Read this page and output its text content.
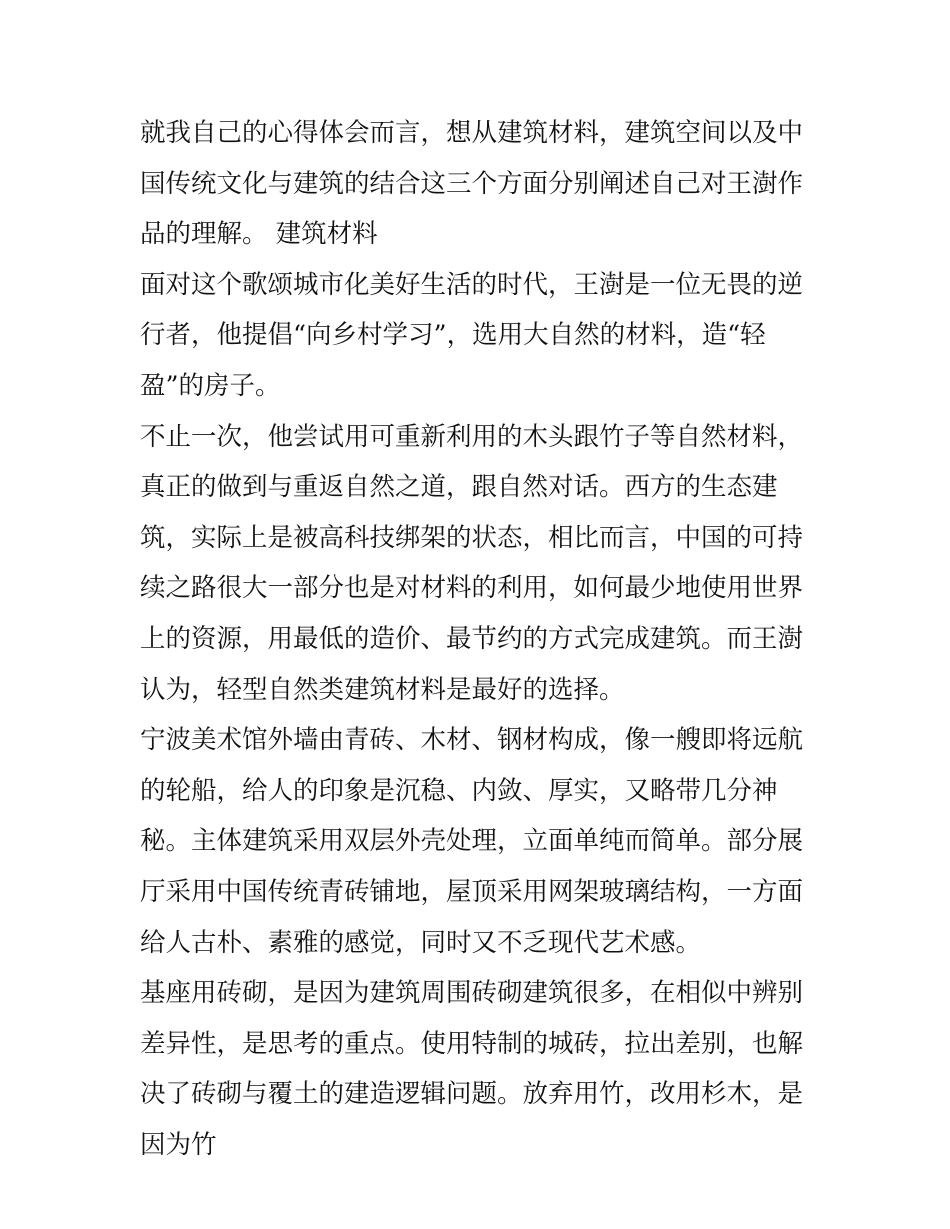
就我自己的心得体会而言，想从建筑材料，建筑空间以及中国传统文化与建筑的结合这三个方面分别阐述自己对王澍作品的理解。 建筑材料

面对这个歌颂城市化美好生活的时代，王澍是一位无畏的逆行者，他提倡“向乡村学习”，选用大自然的材料，造“轻盈”的房子。

不止一次，他尝试用可重新利用的木头跟竹子等自然材料，真正的做到与重返自然之道，跟自然对话。西方的生态建筑，实际上是被高科技绑架的状态，相比而言，中国的可持续之路很大一部分也是对材料的利用，如何最少地使用世界上的资源，用最低的造价、最节约的方式完成建筑。而王澍认为，轻型自然类建筑材料是最好的选择。

宁波美术馆外墙由青砖、木材、钢材构成，像一艘即将远航的轮船，给人的印象是沉稳、内敛、厚实，又略带几分神秘。主体建筑采用双层外壳处理，立面单纯而简单。部分展厅采用中国传统青砖铺地，屋顶采用网架玻璃结构，一方面给人古朴、素雅的感觉，同时又不乏现代艺术感。

基座用砖砌，是因为建筑周围砖砌建筑很多，在相似中辨别差异性，是思考的重点。使用特制的城砖，拉出差别，也解决了砖砌与覆土的建造逻辑问题。放弃用竹，改用杉木，是因为竹
